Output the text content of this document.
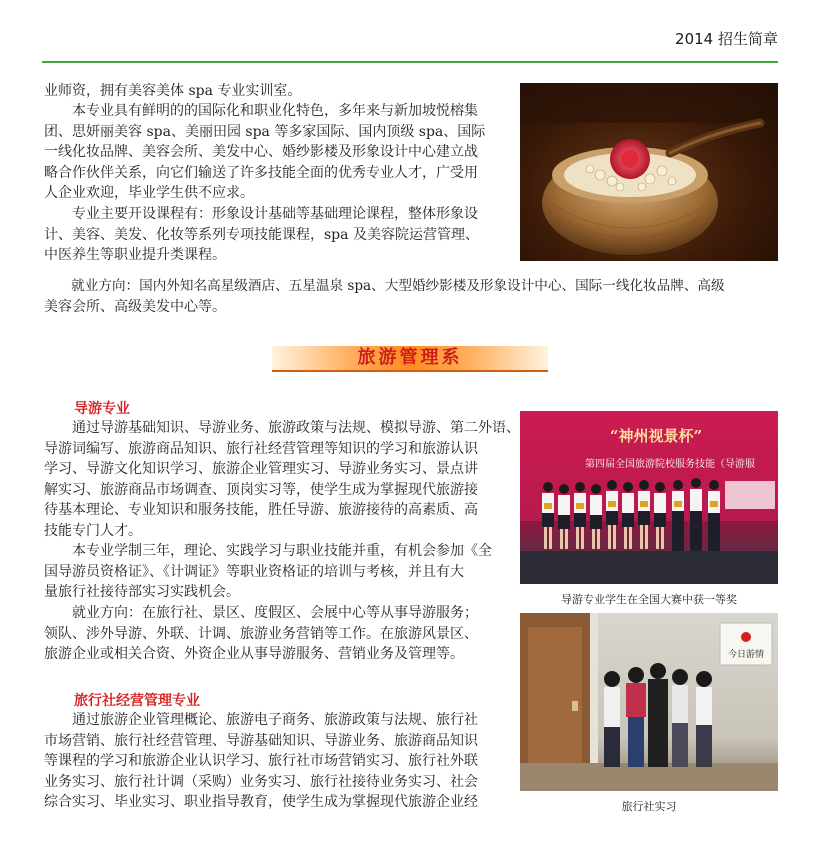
2014 招生简章
业师资，拥有美容美体 spa 专业实训室。
　　本专业具有鲜明的的国际化和职业化特色，多年来与新加坡悦榕集
团、思妍丽美容 spa、美丽田园 spa 等多家国际、国内顶级 spa、国际
一线化妆品牌、美容会所、美发中心、婚纱影楼及形象设计中心建立战
略合作伙伴关系，向它们输送了许多技能全面的优秀专业人才，广受用
人企业欢迎，毕业学生供不应求。
　　专业主要开设课程有：形象设计基础等基础理论课程，整体形象设
计、美容、美发、化妆等系列专项技能课程，spa 及美容院运营管理、
中医养生等职业提升类课程。
　　就业方向：国内外知名高星级酒店、五星温泉 spa、大型婚纱影楼及形象设计中心、国际一线化妆品牌、高级
美容会所、高级美发中心等。
旅游管理系
导游专业
　　通过导游基础知识、导游业务、旅游政策与法规、模拟导游、第二外语、
导游词编写、旅游商品知识、旅行社经营管理等知识的学习和旅游认识
学习、导游文化知识学习、旅游企业管理实习、导游业务实习、景点讲
解实习、旅游商品市场调查、顶岗实习等，使学生成为掌握现代旅游接
待基本理论、专业知识和服务技能，胜任导游、旅游接待的高素质、高
技能专门人才。
　　本专业学制三年，理论、实践学习与职业技能并重，有机会参加《全
国导游员资格证》、《计调证》等职业资格证的培训与考核，并且有大
量旅行社接待部实习实践机会。
　　就业方向：在旅行社、景区、度假区、会展中心等从事导游服务；
领队、涉外导游、外联、计调、旅游业务营销等工作。在旅游风景区、
旅游企业或相关合资、外资企业从事导游服务、营销业务及管理等。
旅行社经营管理专业
　　通过旅游企业管理概论、旅游电子商务、旅游政策与法规、旅行社
市场营销、旅行社经营管理、导游基础知识、导游业务、旅游商品知识
等课程的学习和旅游企业认识学习、旅行社市场营销实习、旅行社外联
业务实习、旅行社计调（采购）业务实习、旅行社接待业务实习、社会
综合实习、毕业实习、职业指导教育，使学生成为掌握现代旅游企业经
“神州视景杯”
第四届全国旅游院校服务技能（导游服
导游专业学生在全国大赛中获一等奖
今日游情
旅行社实习
